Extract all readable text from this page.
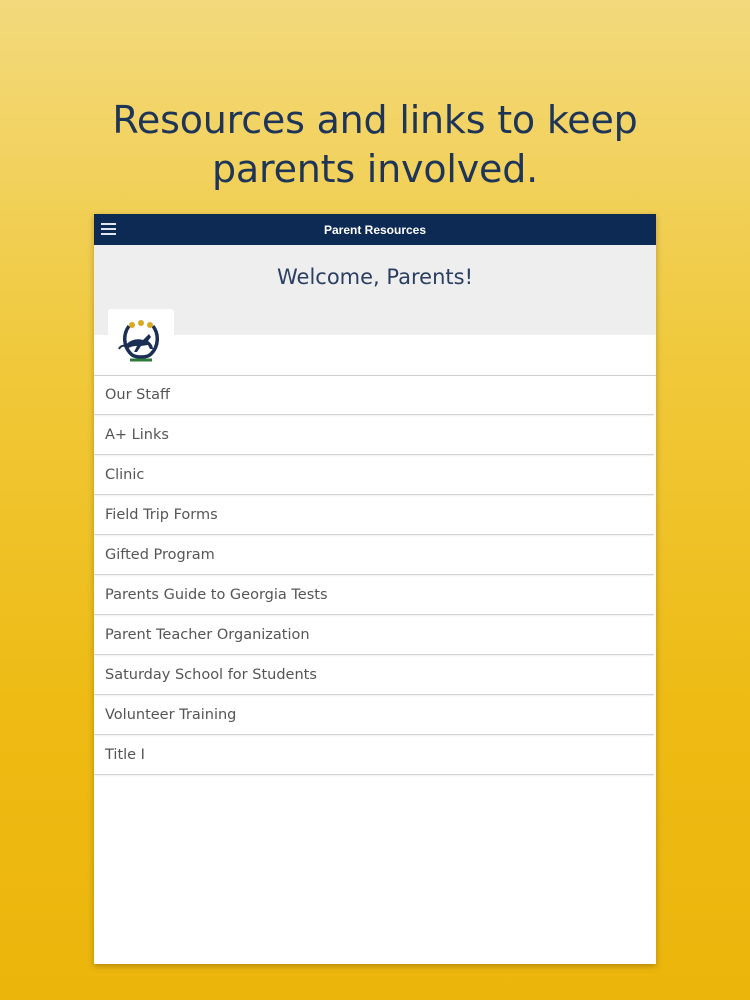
Resources and links to keep
parents involved.
Parent Resources
Welcome, Parents!
Our Staff
A+ Links
Clinic
Field Trip Forms
Gifted Program
Parents Guide to Georgia Tests
Parent Teacher Organization
Saturday School for Students
Volunteer Training
Title I
